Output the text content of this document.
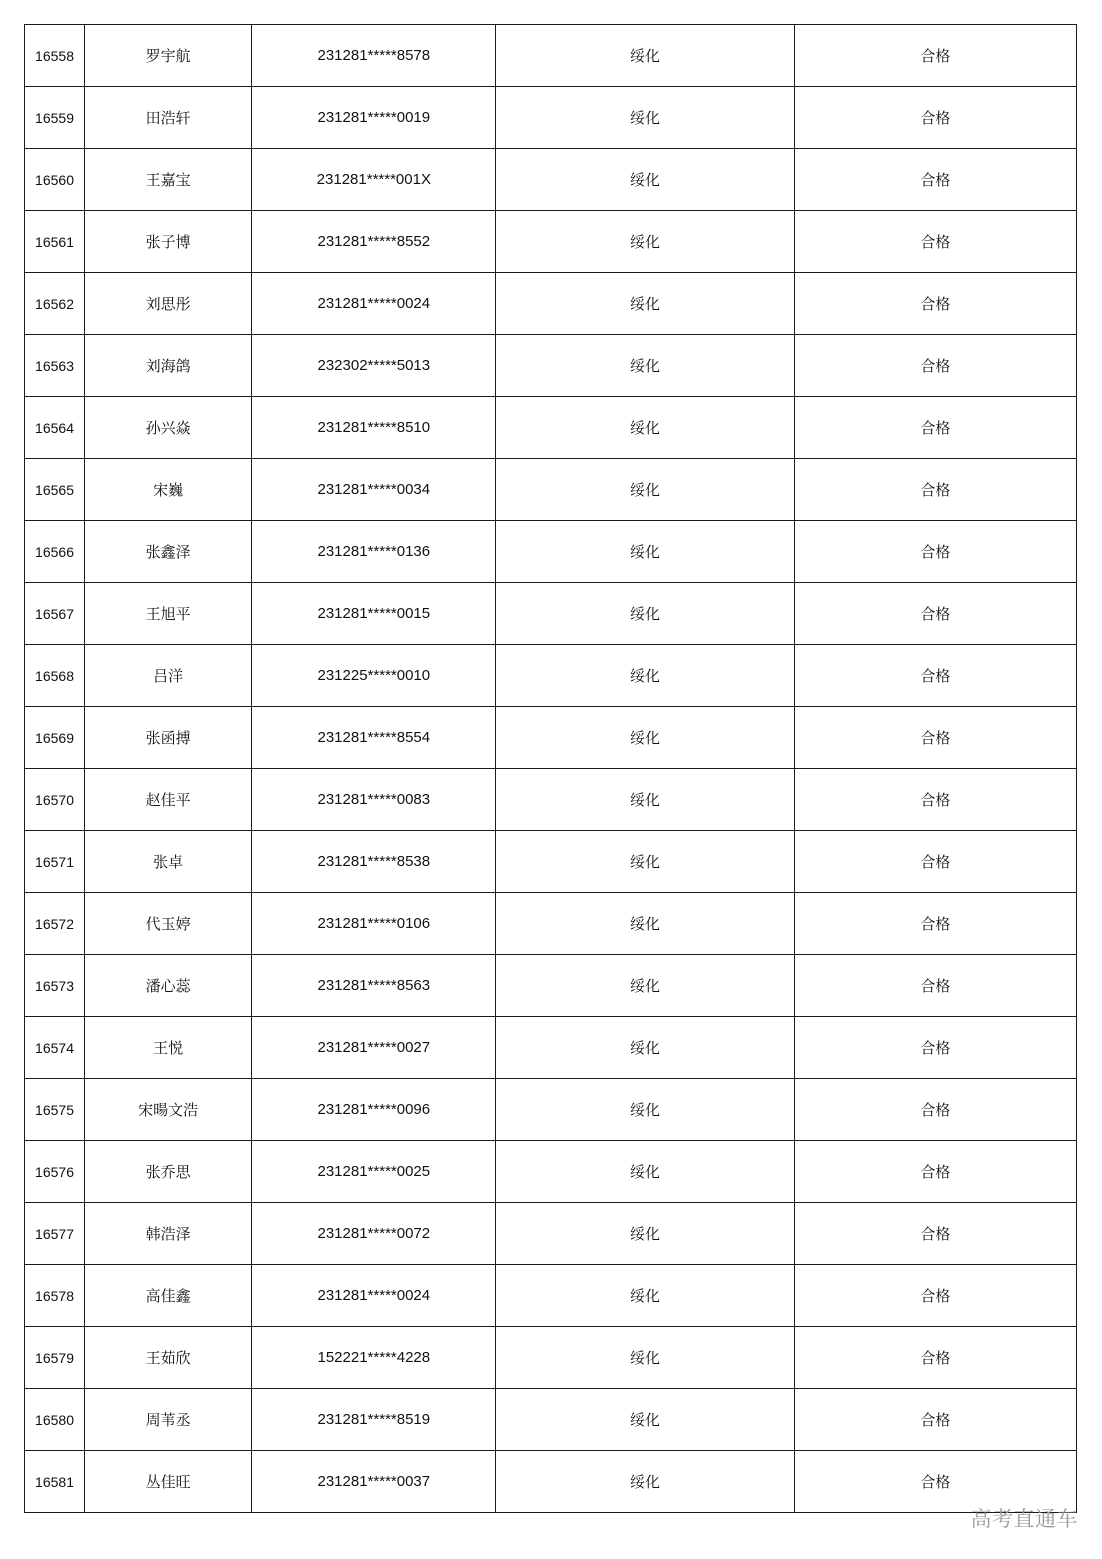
16558	罗宇航	231281*****8578	绥化	合格
16559	田浩轩	231281*****0019	绥化	合格
16560	王嘉宝	231281*****001X	绥化	合格
16561	张子博	231281*****8552	绥化	合格
16562	刘思彤	231281*****0024	绥化	合格
16563	刘海鸽	232302*****5013	绥化	合格
16564	孙兴焱	231281*****8510	绥化	合格
16565	宋巍	231281*****0034	绥化	合格
16566	张鑫泽	231281*****0136	绥化	合格
16567	王旭平	231281*****0015	绥化	合格
16568	吕洋	231225*****0010	绥化	合格
16569	张函搏	231281*****8554	绥化	合格
16570	赵佳平	231281*****0083	绥化	合格
16571	张卓	231281*****8538	绥化	合格
16572	代玉婷	231281*****0106	绥化	合格
16573	潘心蕊	231281*****8563	绥化	合格
16574	王悦	231281*****0027	绥化	合格
16575	宋暘文浩	231281*****0096	绥化	合格
16576	张乔思	231281*****0025	绥化	合格
16577	韩浩泽	231281*****0072	绥化	合格
16578	高佳鑫	231281*****0024	绥化	合格
16579	王茹欣	152221*****4228	绥化	合格
16580	周苇丞	231281*****8519	绥化	合格
16581	丛佳旺	231281*****0037	绥化	合格
高考直通车
